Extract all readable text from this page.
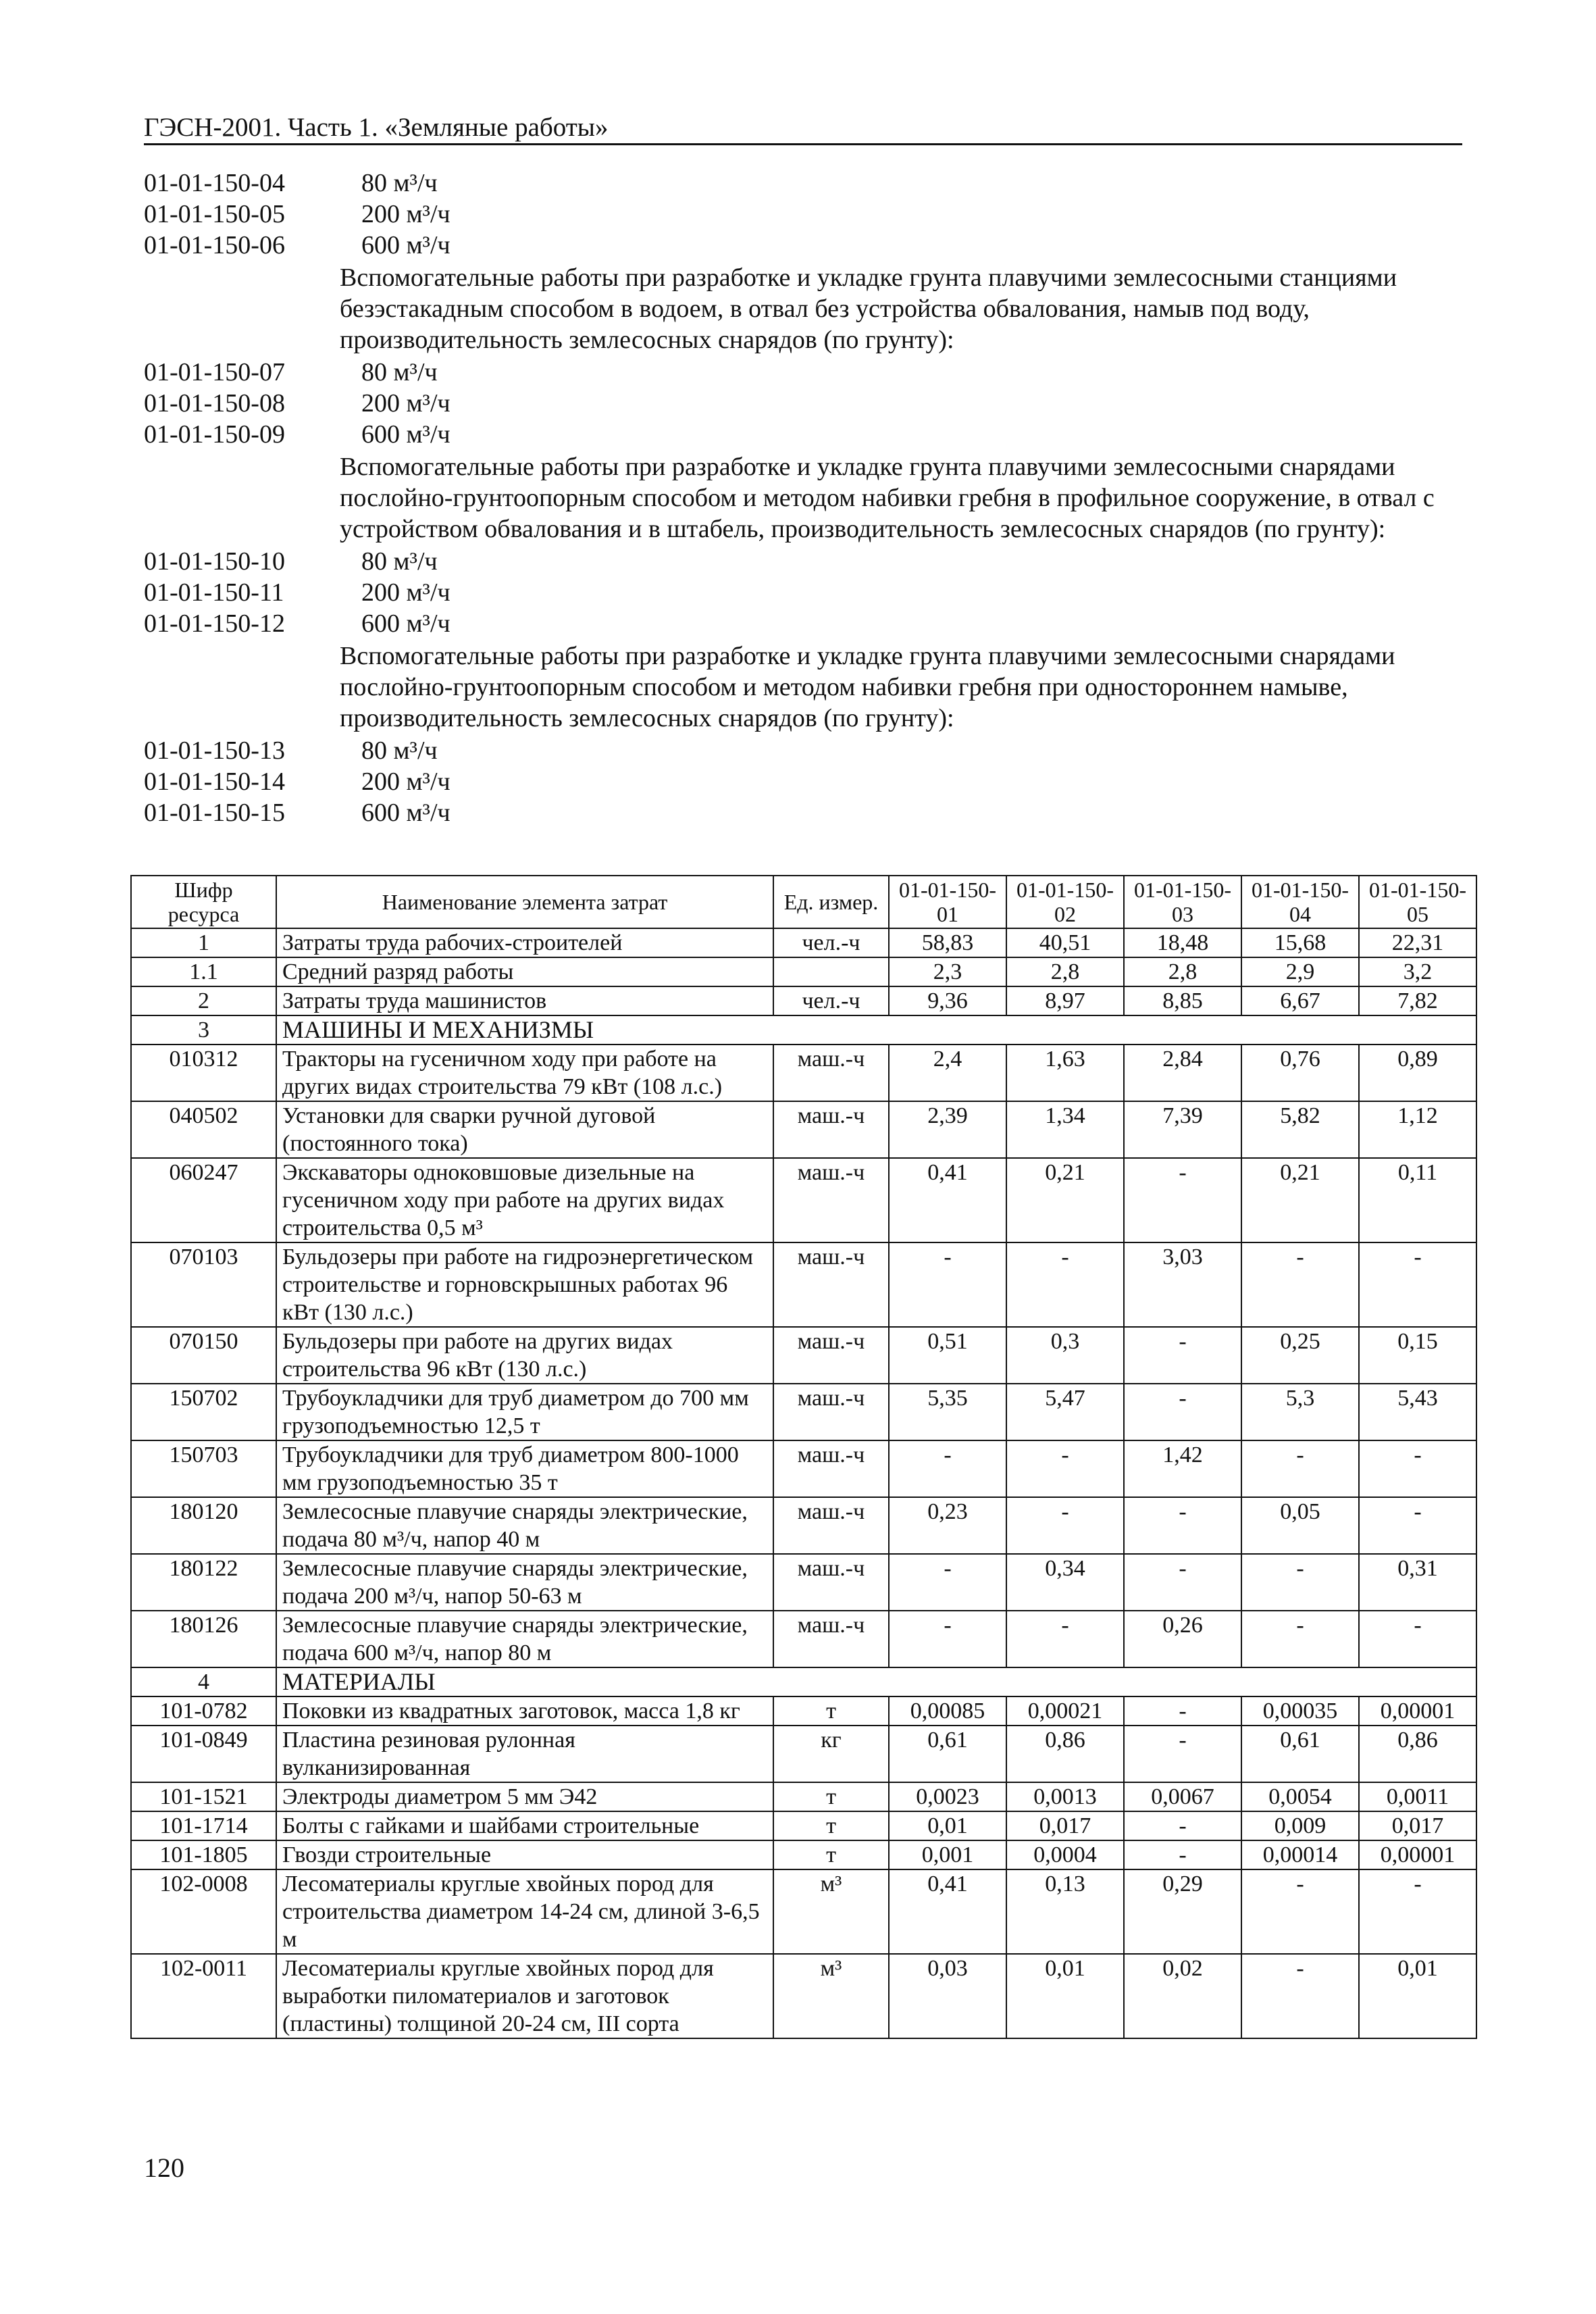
ГЭСН-2001. Часть 1. «Земляные работы»
01-01-150-04	80 м³/ч
01-01-150-05	200 м³/ч
01-01-150-06	600 м³/ч
Вспомогательные работы при разработке и укладке грунта плавучими землесосными станциями безэстакадным способом в водоем, в отвал без устройства обвалования, намыв под воду, производительность землесосных снарядов (по грунту):
01-01-150-07	80 м³/ч
01-01-150-08	200 м³/ч
01-01-150-09	600 м³/ч
Вспомогательные работы при разработке и укладке грунта плавучими землесосными снарядами послойно-грунтоопорным способом и методом набивки гребня в профильное сооружение, в отвал с устройством обвалования и в штабель, производительность землесосных снарядов (по грунту):
01-01-150-10	80 м³/ч
01-01-150-11	200 м³/ч
01-01-150-12	600 м³/ч
Вспомогательные работы при разработке и укладке грунта плавучими землесосными снарядами послойно-грунтоопорным способом и методом набивки гребня при одностороннем намыве, производительность землесосных снарядов (по грунту):
01-01-150-13	80 м³/ч
01-01-150-14	200 м³/ч
01-01-150-15	600 м³/ч
Шифр ресурса	Наименование элемента затрат	Ед. измер.	01-01-150-01	01-01-150-02	01-01-150-03	01-01-150-04	01-01-150-05
1	Затраты труда рабочих-строителей	чел.-ч	58,83	40,51	18,48	15,68	22,31
1.1	Средний разряд работы		2,3	2,8	2,8	2,9	3,2
2	Затраты труда машинистов	чел.-ч	9,36	8,97	8,85	6,67	7,82
3	МАШИНЫ И МЕХАНИЗМЫ						
010312	Тракторы на гусеничном ходу при работе на других видах строительства 79 кВт (108 л.с.)	маш.-ч	2,4	1,63	2,84	0,76	0,89
040502	Установки для сварки ручной дуговой (постоянного тока)	маш.-ч	2,39	1,34	7,39	5,82	1,12
060247	Экскаваторы одноковшовые дизельные на гусеничном ходу при работе на других видах строительства 0,5 м³	маш.-ч	0,41	0,21	-	0,21	0,11
070103	Бульдозеры при работе на гидроэнергетическом строительстве и горновскрышных работах 96 кВт (130 л.с.)	маш.-ч	-	-	3,03	-	-
070150	Бульдозеры при работе на других видах строительства 96 кВт (130 л.с.)	маш.-ч	0,51	0,3	-	0,25	0,15
150702	Трубоукладчики для труб диаметром до 700 мм грузоподъемностью 12,5 т	маш.-ч	5,35	5,47	-	5,3	5,43
150703	Трубоукладчики для труб диаметром 800-1000 мм грузоподъемностью 35 т	маш.-ч	-	-	1,42	-	-
180120	Землесосные плавучие снаряды электрические, подача 80 м³/ч, напор 40 м	маш.-ч	0,23	-	-	0,05	-
180122	Землесосные плавучие снаряды электрические, подача 200 м³/ч, напор 50-63 м	маш.-ч	-	0,34	-	-	0,31
180126	Землесосные плавучие снаряды электрические, подача 600 м³/ч, напор 80 м	маш.-ч	-	-	0,26	-	-
4	МАТЕРИАЛЫ						
101-0782	Поковки из квадратных заготовок, масса 1,8 кг	т	0,00085	0,00021	-	0,00035	0,00001
101-0849	Пластина резиновая рулонная вулканизированная	кг	0,61	0,86	-	0,61	0,86
101-1521	Электроды диаметром 5 мм Э42	т	0,0023	0,0013	0,0067	0,0054	0,0011
101-1714	Болты с гайками и шайбами строительные	т	0,01	0,017	-	0,009	0,017
101-1805	Гвозди строительные	т	0,001	0,0004	-	0,00014	0,00001
102-0008	Лесоматериалы круглые хвойных пород для строительства диаметром 14-24 см, длиной 3-6,5 м	м³	0,41	0,13	0,29	-	-
102-0011	Лесоматериалы круглые хвойных пород для выработки пиломатериалов и заготовок (пластины) толщиной 20-24 см, III сорта	м³	0,03	0,01	0,02	-	0,01
120
